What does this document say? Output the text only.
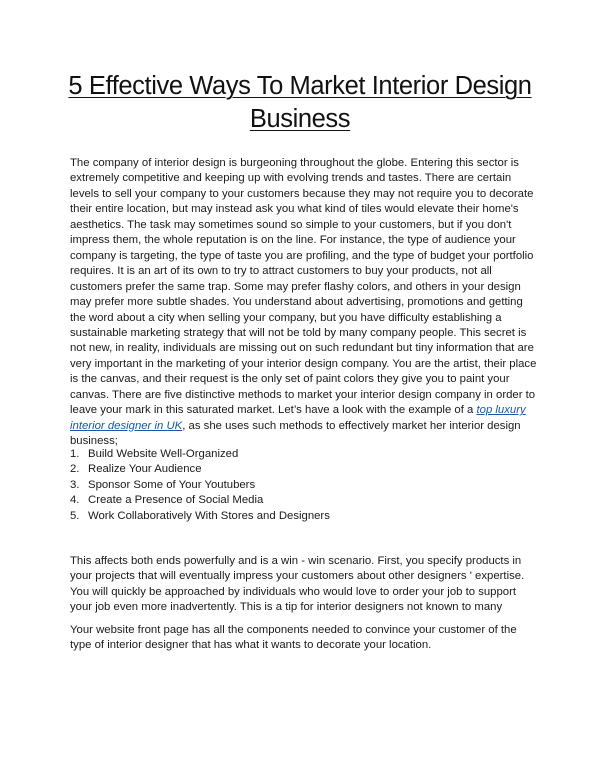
5 Effective Ways To Market Interior Design Business

The company of interior design is burgeoning throughout the globe. Entering this sector is extremely competitive and keeping up with evolving trends and tastes. There are certain levels to sell your company to your customers because they may not require you to decorate their entire location, but may instead ask you what kind of tiles would elevate their home's aesthetics. The task may sometimes sound so simple to your customers, but if you don't impress them, the whole reputation is on the line. For instance, the type of audience your company is targeting, the type of taste you are profiling, and the type of budget your portfolio requires. It is an art of its own to try to attract customers to buy your products, not all customers prefer the same trap. Some may prefer flashy colors, and others in your design may prefer more subtle shades. You understand about advertising, promotions and getting the word about a city when selling your company, but you have difficulty establishing a sustainable marketing strategy that will not be told by many company people. This secret is not new, in reality, individuals are missing out on such redundant but tiny information that are very important in the marketing of your interior design company. You are the artist, their place is the canvas, and their request is the only set of paint colors they give you to paint your canvas. There are five distinctive methods to market your interior design company in order to leave your mark in this saturated market. Let’s have a look with the example of a top luxury interior designer in UK, as she uses such methods to effectively market her interior design business;

1. Build Website Well-Organized
2. Realize Your Audience
3. Sponsor Some of Your Youtubers
4. Create a Presence of Social Media
5. Work Collaboratively With Stores and Designers

This affects both ends powerfully and is a win - win scenario. First, you specify products in your projects that will eventually impress your customers about other designers ' expertise. You will quickly be approached by individuals who would love to order your job to support your job even more inadvertently. This is a tip for interior designers not known to many

Your website front page has all the components needed to convince your customer of the type of interior designer that has what it wants to decorate your location.
